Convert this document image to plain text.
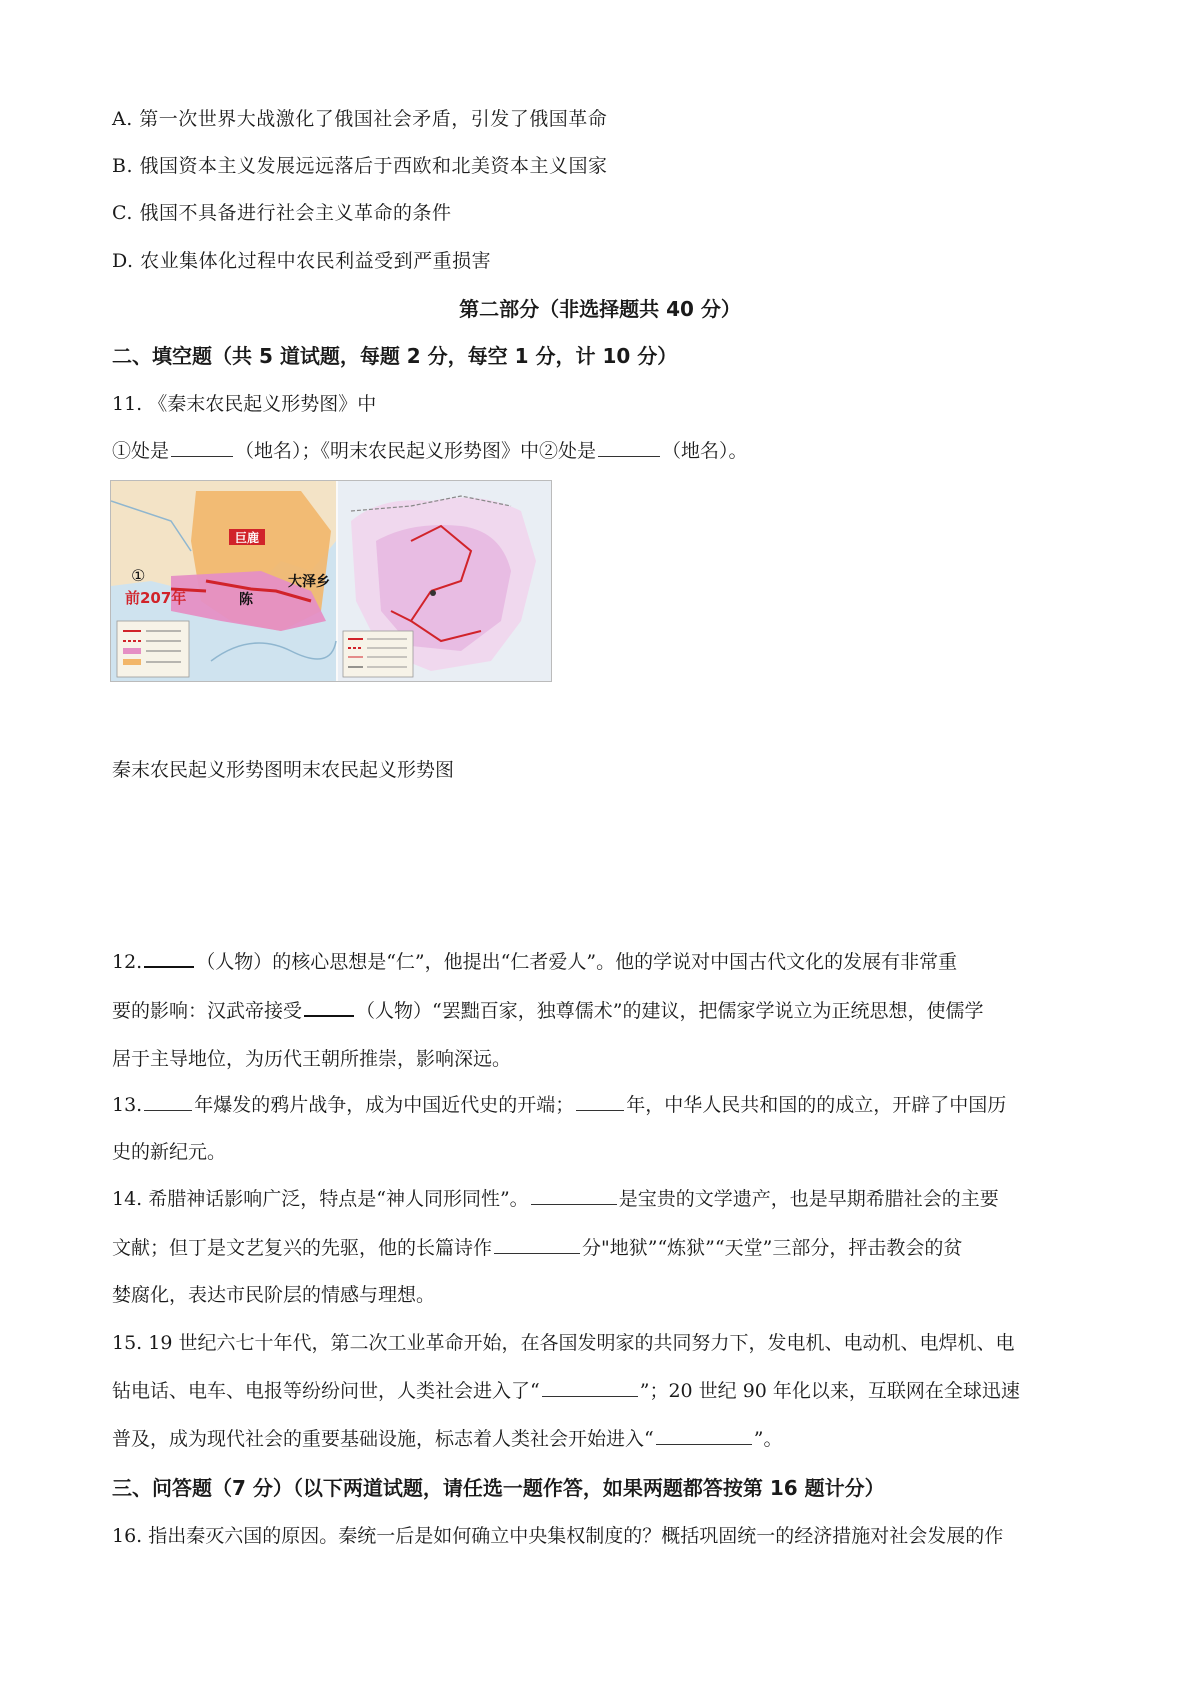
A. 第一次世界大战激化了俄国社会矛盾，引发了俄国革命
B. 俄国资本主义发展远远落后于西欧和北美资本主义国家
C. 俄国不具备进行社会主义革命的条件
D. 农业集体化过程中农民利益受到严重损害
第二部分（非选择题共 40 分）
二、填空题（共 5 道试题，每题 2 分，每空 1 分，计 10 分）
11. 《秦末农民起义形势图》中
①处是	（地名）；《明末农民起义形势图》中②处是	（地名）。
巨鹿
大泽乡
陈
①
前207年
秦末农民起义形势图明末农民起义形势图
12.	（人物）的核心思想是“仁”，他提出“仁者爱人”。他的学说对中国古代文化的发展有非常重
要的影响：汉武帝接受	（人物）“罢黜百家，独尊儒术”的建议，把儒家学说立为正统思想，使儒学
居于主导地位，为历代王朝所推崇，影响深远。
13.	年爆发的鸦片战争，成为中国近代史的开端；	年，中华人民共和国的的成立，开辟了中国历
史的新纪元。
14. 希腊神话影响广泛，特点是“神人同形同性”。	是宝贵的文学遗产，也是早期希腊社会的主要
文献；但丁是文艺复兴的先驱，他的长篇诗作	分"地狱”“炼狱”“天堂”三部分，抨击教会的贫
婪腐化，表达市民阶层的情感与理想。
15. 19 世纪六七十年代，第二次工业革命开始，在各国发明家的共同努力下，发电机、电动机、电焊机、电
钻电话、电车、电报等纷纷问世，人类社会进入了“	”；20 世纪 90 年化以来，互联网在全球迅速
普及，成为现代社会的重要基础设施，标志着人类社会开始进入“	”。
三、问答题（7 分）（以下两道试题，请任选一题作答，如果两题都答按第 16 题计分）
16. 指出秦灭六国的原因。秦统一后是如何确立中央集权制度的？概括巩固统一的经济措施对社会发展的作
